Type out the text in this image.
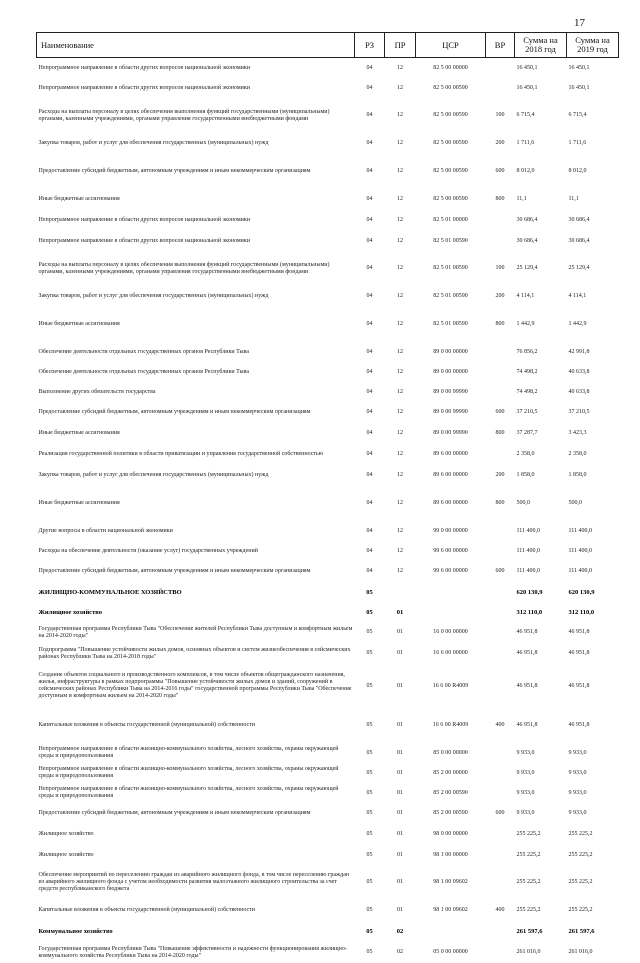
17
Наименование	РЗ	ПР	ЦСР	ВР	Сумма на 2018 год	Сумма на 2019 год
Непрограммное направление в области других вопросов национальной экономики	04	12	82 5 00 00000		16 450,1	16 450,1
Непрограммное направление в области других вопросов национальной экономики	04	12	82 5 00 00590		16 450,1	16 450,1
Расходы на выплаты персоналу в целях обеспечения выполнения функций государственными (муниципальными) органами, казенными учреждениями, органами управления государственными внебюджетными фондами	04	12	82 5 00 00590	100	6 715,4	6 715,4
Закупка товаров, работ и услуг для обеспечения государственных (муниципальных) нужд	04	12	82 5 00 00590	200	1 711,6	1 711,6
Предоставление субсидий бюджетным, автономным учреждениям и иным некоммерческим организациям	04	12	82 5 00 00590	600	8 012,0	8 012,0
Иные бюджетные ассигнования	04	12	82 5 00 00590	800	11,1	11,1
Непрограммное направление в области других вопросов национальной экономики	04	12	82 5 01 00000		30 686,4	30 686,4
Непрограммное направление в области других вопросов национальной экономики	04	12	82 5 01 00590		30 686,4	30 686,4
Расходы на выплаты персоналу в целях обеспечения выполнения функций государственными (муниципальными) органами, казенными учреждениями, органами управления государственными внебюджетными фондами	04	12	82 5 01 00590	100	25 129,4	25 129,4
Закупка товаров, работ и услуг для обеспечения государственных (муниципальных) нужд	04	12	82 5 01 00590	200	4 114,1	4 114,1
Иные бюджетные ассигнования	04	12	82 5 01 00590	800	1 442,9	1 442,9
Обеспечение деятельности отдельных государственных органов Республики Тыва	04	12	89 0 00 00000		76 856,2	42 991,8
Обеспечение деятельности отдельных государственных органов Республики Тыва	04	12	89 0 00 00000		74 498,2	40 633,8
Выполнение других обязательств государства	04	12	89 0 00 99990		74 498,2	40 633,8
Предоставление субсидий бюджетным, автономным учреждениям и иным некоммерческим организациям	04	12	89 0 00 99990	600	37 210,5	37 210,5
Иные бюджетные ассигнования	04	12	89 0 00 99990	800	37 287,7	3 423,3
Реализация государственной политики в области приватизации и управления государственной собственностью	04	12	89 6 00 00000		2 358,0	2 358,0
Закупка товаров, работ и услуг для обеспечения государственных (муниципальных) нужд	04	12	89 6 00 00000	200	1 858,0	1 858,0
Иные бюджетные ассигнования	04	12	89 6 00 00000	800	500,0	500,0
Другие вопросы в области национальной экономики	04	12	99 0 00 00000		111 400,0	111 400,0
Расходы на обеспечение деятельности (оказание услуг) государственных учреждений	04	12	99 6 00 00000		111 400,0	111 400,0
Предоставление субсидий бюджетным, автономным учреждениям и иным некоммерческим организациям	04	12	99 6 00 00000	600	111 400,0	111 400,0
ЖИЛИЩНО-КОММУНАЛЬНОЕ ХОЗЯЙСТВО	05				620 130,9	620 130,9
Жилищное хозяйство	05	01			312 110,0	312 110,0
Государственная программа Республики Тыва "Обеспечение жителей Республики Тыва доступным и комфортным жильем на 2014-2020 годы"	05	01	16 0 00 00000		46 951,8	46 951,8
Подпрограмма "Повышение устойчивости жилых домов, основных объектов и систем жизнеобеспечения в сейсмических районах Республики Тыва на 2014-2018 годы"	05	01	16 6 00 00000		46 951,8	46 951,8
Создание объектов социального и производственного комплексов, в том числе объектов общегражданского назначения, жилья, инфраструктуры в рамках подпрограммы "Повышение устойчивости жилых домов и зданий, сооружений в сейсмических районах Республики Тыва на 2014-2016 годы" государственной программы Республики Тыва "Обеспечение доступным и комфортным жильем на 2014-2020 годы"	05	01	16 6 00 R4009		46 951,8	46 951,8
Капитальные вложения в объекты государственной (муниципальной) собственности	05	01	16 6 00 R4009	400	46 951,8	46 951,8
Непрограммное направление в области жилищно-коммунального хозяйства, лесного хозяйства, охраны окружающей среды и природопользования	05	01	85 0 00 00000		9 933,0	9 933,0
Непрограммное направление в области жилищно-коммунального хозяйства, лесного хозяйства, охраны окружающей среды и природопользования	05	01	85 2 00 00000		9 933,0	9 933,0
Непрограммное направление в области жилищно-коммунального хозяйства, лесного хозяйства, охраны окружающей среды и природопользования	05	01	85 2 00 00590		9 933,0	9 933,0
Предоставление субсидий бюджетным, автономным учреждениям и иным некоммерческим организациям	05	01	85 2 00 00590	600	9 933,0	9 933,0
Жилищное хозяйство	05	01	98 0 00 00000		255 225,2	255 225,2
Жилищное хозяйство	05	01	98 1 00 00000		255 225,2	255 225,2
Обеспечение мероприятий по переселению граждан из аварийного жилищного фонда, в том числе переселению граждан из аварийного жилищного фонда с учетом необходимости развития малоэтажного жилищного строительства за счет средств республиканского бюджета	05	01	98 1 00 09602		255 225,2	255 225,2
Капитальные вложения в объекты государственной (муниципальной) собственности	05	01	98 1 00 09602	400	255 225,2	255 225,2
Коммунальное хозяйство	05	02			261 597,6	261 597,6
Государственная программа Республики Тыва "Повышение эффективности и надежности функционирования жилищно-коммунального хозяйства Республики Тыва на 2014-2020 годы"	05	02	05 0 00 00000		261 016,0	261 016,0
